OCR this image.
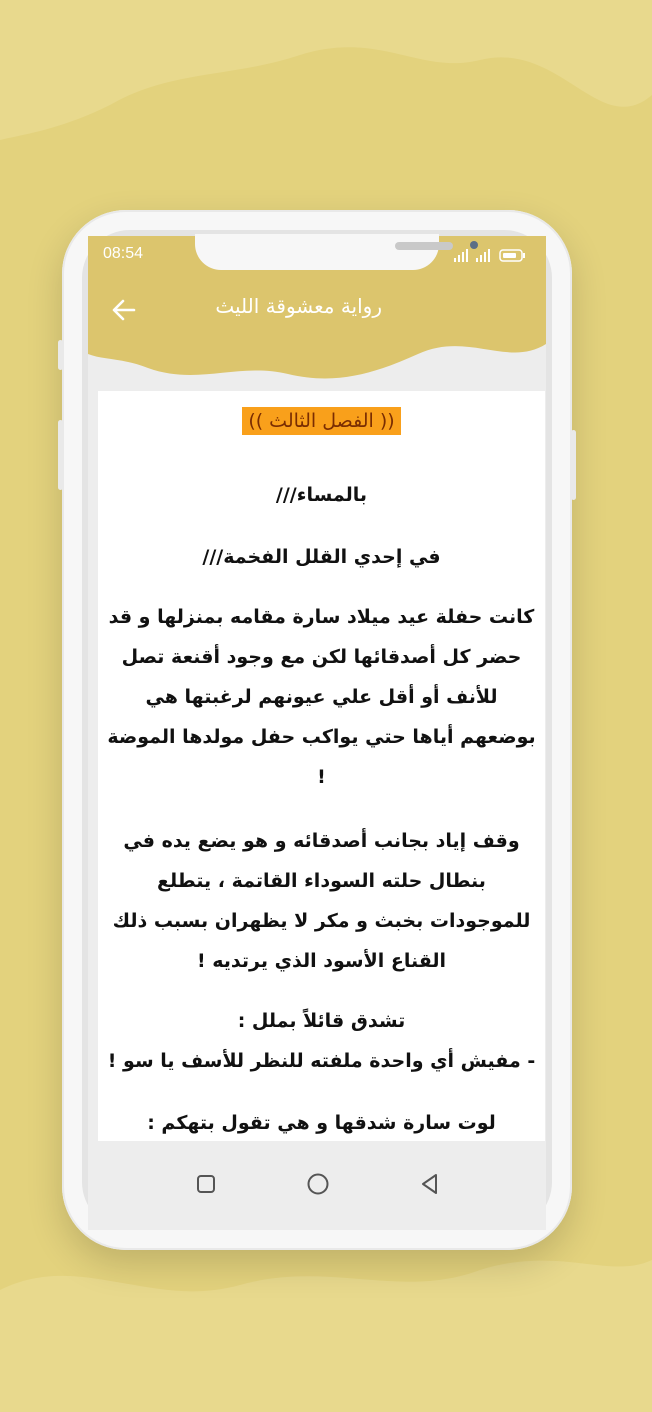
08:54
رواية معشوقة الليث
(( الفصل الثالث ))
بالمساء///
في إحدي القلل الفخمة///
كانت حفلة عيد ميلاد سارة مقامه بمنزلها و قد حضر كل أصدقائها لكن مع وجود أقنعة تصل للأنف أو أقل علي عيونهم لرغبتها هي بوضعهم أياها حتي يواكب حفل مولدها الموضة !
وقف إياد بجانب أصدقائه و هو يضع يده في بنطال حلته السوداء القاتمة ، يتطلع للموجودات بخبث و مكر لا يظهران بسبب ذلك القناع الأسود الذي يرتديه !
تشدق قائلاً بملل :
- مفيش أي واحدة ملفته للنظر للأسف يا سو !
لوت سارة شدقها و هي تقول بتهكم :
